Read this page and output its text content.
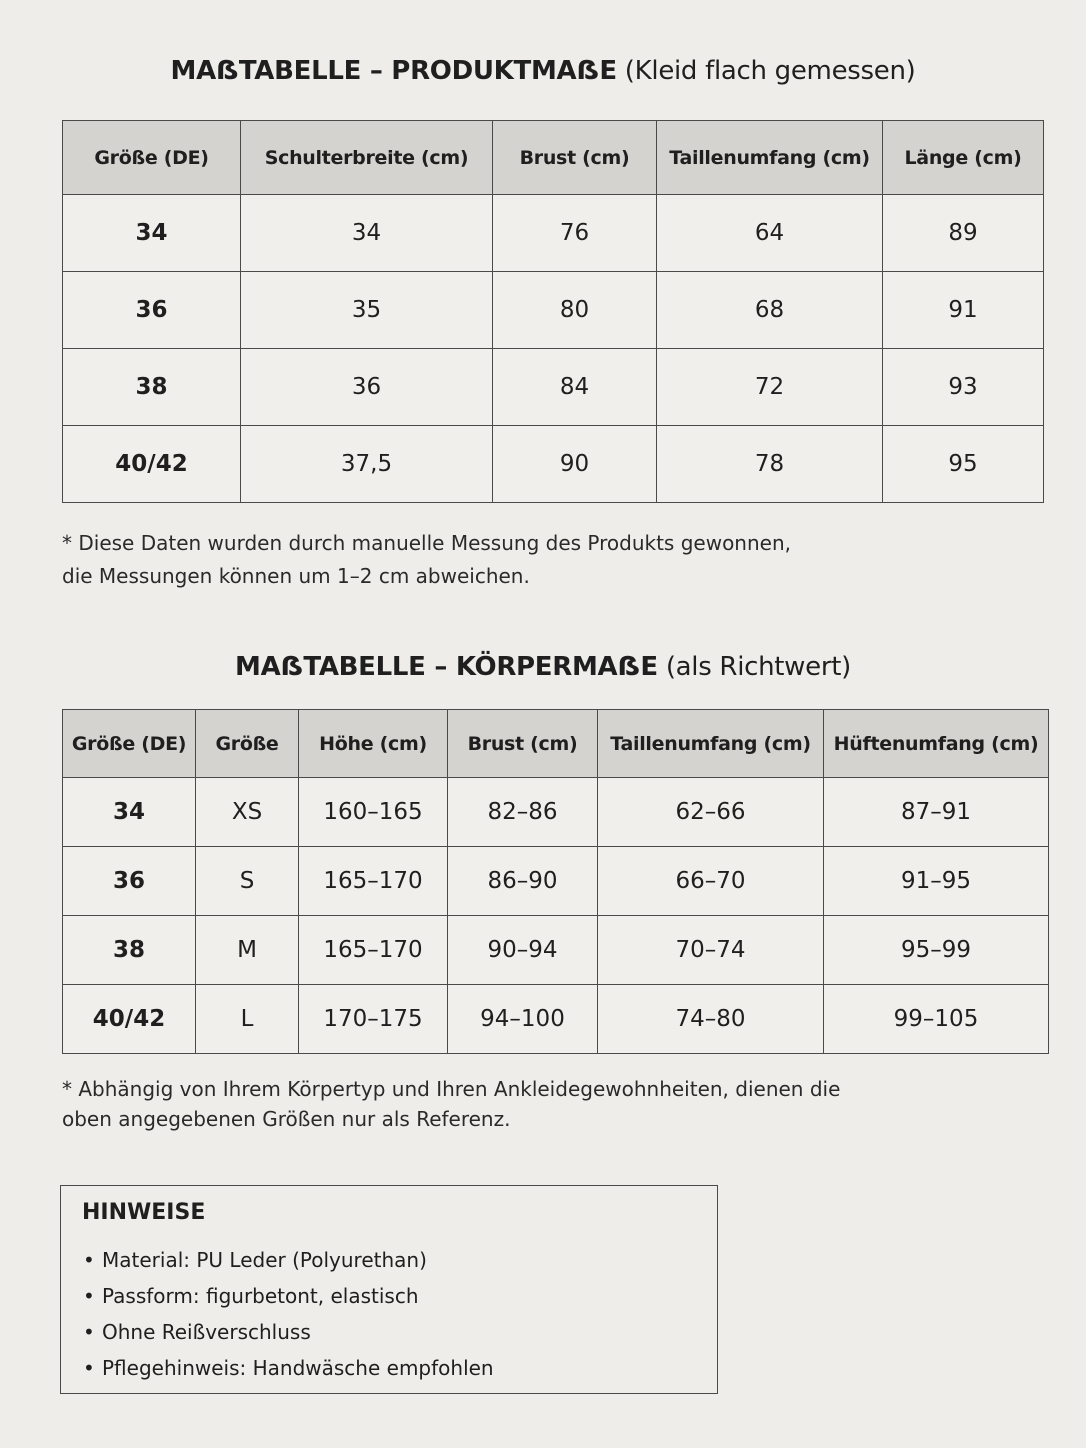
MAẞTABELLE – PRODUKTMAẞE (Kleid flach gemessen)
Größe (DE)	Schulterbreite (cm)	Brust (cm)	Taillenumfang (cm)	Länge (cm)
34	34	76	64	89
36	35	80	68	91
38	36	84	72	93
40/42	37,5	90	78	95
* Diese Daten wurden durch manuelle Messung des Produkts gewonnen,
die Messungen können um 1–2 cm abweichen.
MAẞTABELLE – KÖRPERMAẞE (als Richtwert)
Größe (DE)	Größe	Höhe (cm)	Brust (cm)	Taillenumfang (cm)	Hüftenumfang (cm)
34	XS	160–165	82–86	62–66	87–91
36	S	165–170	86–90	66–70	91–95
38	M	165–170	90–94	70–74	95–99
40/42	L	170–175	94–100	74–80	99–105
* Abhängig von Ihrem Körpertyp und Ihren Ankleidegewohnheiten, dienen die
oben angegebenen Größen nur als Referenz.
HINWEISE
• Material: PU Leder (Polyurethan)
• Passform: figurbetont, elastisch
• Ohne Reißverschluss
• Pflegehinweis: Handwäsche empfohlen
